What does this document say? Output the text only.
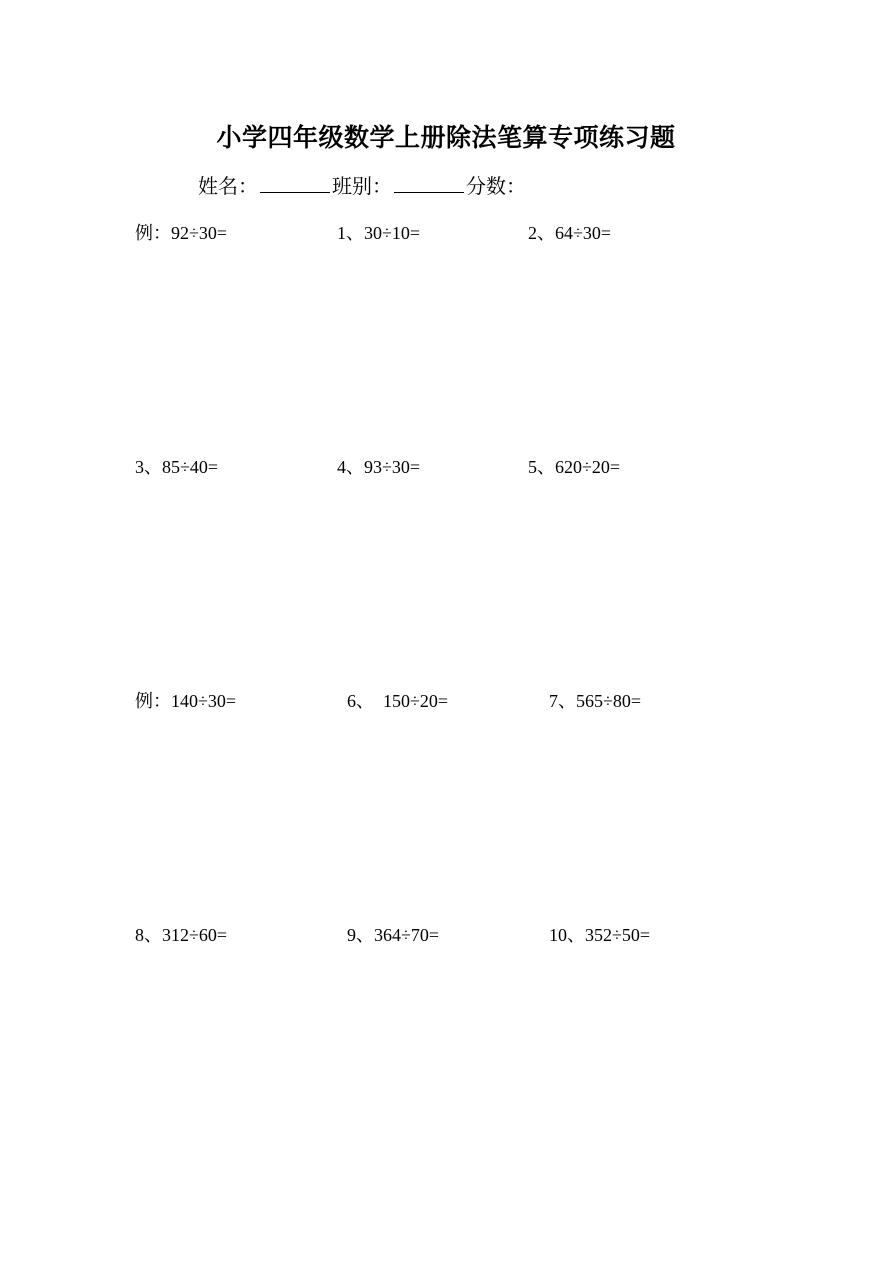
小学四年级数学上册除法笔算专项练习题
姓名：	班别：	分数：
例：92÷30=	1、30÷10=	2、64÷30=
3、85÷40=	4、93÷30=	5、620÷20=
例：140÷30=	6、  150÷20=	7、565÷80=
8、312÷60=	9、364÷70=	10、352÷50=
